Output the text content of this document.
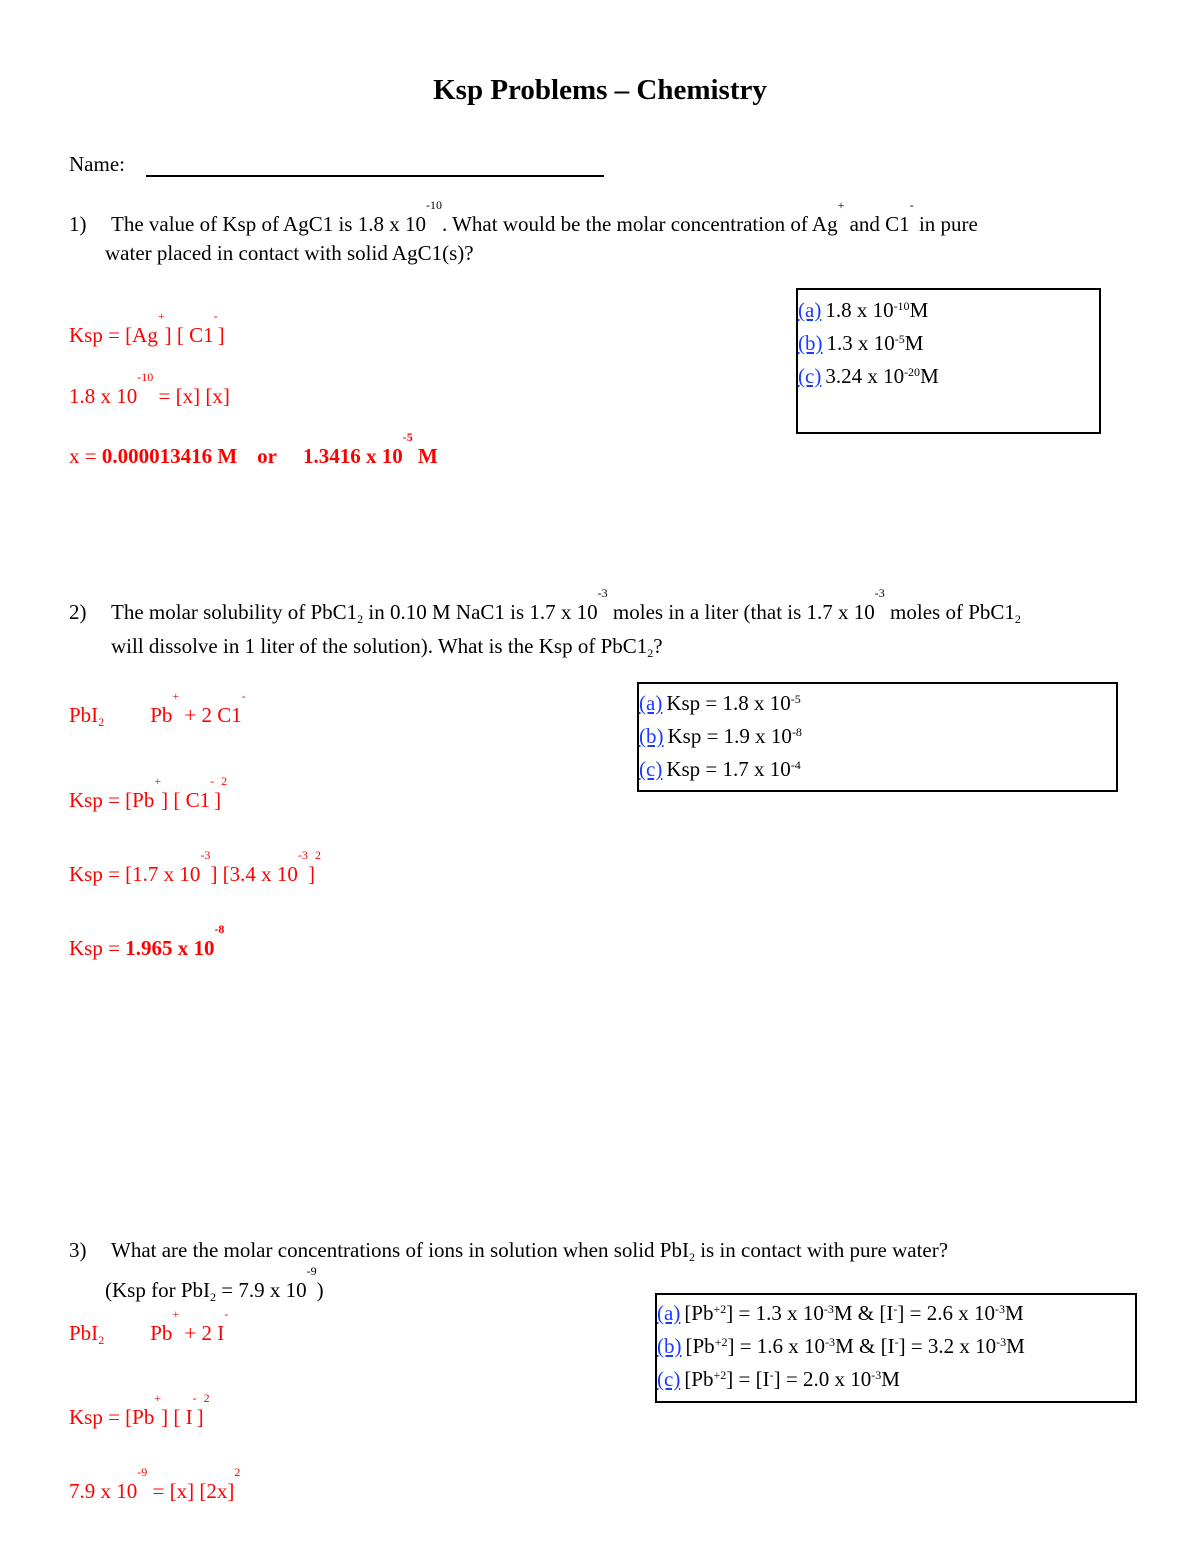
Ksp Problems – Chemistry
Name:
1) The value of Ksp of AgC1 is 1.8 x $10^{-10}$. What would be the molar concentration of Ag+ and C1- in pure
water placed in contact with solid AgC1(s)?
Ksp = [Ag+] [ C1-]
1.8 x $10^{-10} = [x]$ [x]
x = 0.000013416 M or 1.3416 x $10^{-5}$ M
(a) 1.8 x 10 $^{-10}$ M
(b) 1.3 x 10 $^{-5}$ M
(c) 3.24 x 10 $^{-20}$ M
2) The molar solubility of $PbC1_2$ in 0.10 M NaC1 is 1.7 x $10^{-3}$ moles in a liter (that is 1.7 x $10^{-3}$ moles of $PbC1_2$
will dissolve in 1 liter of the solution). What is the Ksp of $PbC1_2$?
PbI$_2$ Pb+ + 2 C1-
Ksp = [Pb+] [ C1-]$^2$
Ksp = [1.7 x $10^{-3}$] [3.4 x $10^{-3}]^2$
Ksp = 1.965 x $10^{-8}$
(a) Ksp = 1.8 x $10^{-5}$
(b) Ksp = 1.9 x $10^{-8}$
(c) Ksp = 1.7 x $10^{-4}$
3) What are the molar concentrations of ions in solution when solid PbI$_2$ is in contact with pure water?
(Ksp for PbI$_2$ = 7.9 x $10^{-9}$)
PbI$_2$ Pb+ + 2 I-
Ksp = [Pb+] [ I-]$^2$
7.9 x $10^{-9} = [x]$ $[2x]^2$
(a) [$Pb^{+2}$ ] = 1.3 x $10^{-3}$ M & [I- ] = 2.6 x 10 $^{-3}$ M
(b) [$Pb^{+2}$ ] = 1.6 x $10^{-3}$ M & [I- ] = 3.2 x 10 $^{-3}$ M
(c) [$Pb^{+2}$ ] = [I- ] = 2.0 x $10^{-3}$ M
